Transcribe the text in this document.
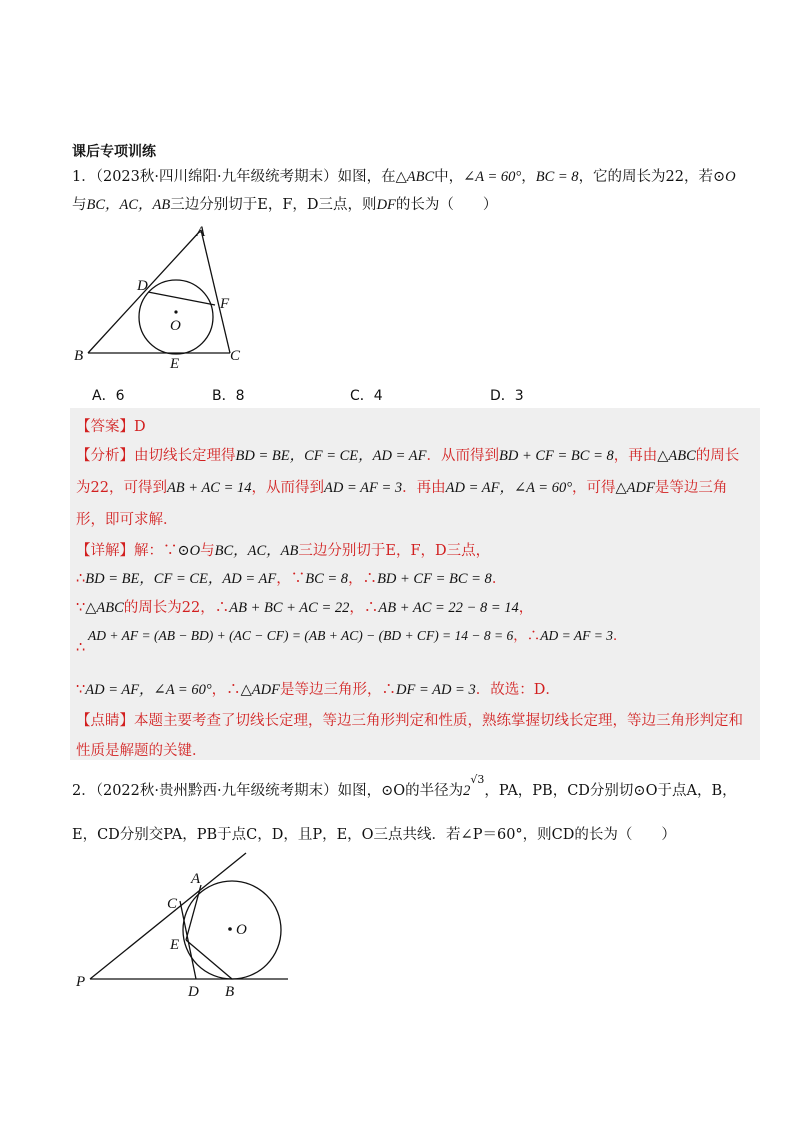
课后专项训练
1．（2023秋·四川绵阳·九年级统考期末）如图，在△ABC中，∠A = 60°，BC = 8，它的周长为22，若⊙O
与BC，AC，AB三边分别切于E，F，D三点，则DF的长为（　　）
A
B	C
D
E
F
O
A．6	B．8	C．4	D．3
【答案】D
【分析】由切线长定理得BD = BE，CF = CE，AD = AF．从而得到BD + CF = BC = 8，再由△ABC的周长
为22，可得到AB + AC = 14，从而得到AD = AF = 3．再由AD = AF，∠A = 60°，可得△ADF是等边三角
形，即可求解．
【详解】解：∵⊙O与BC，AC，AB三边分别切于E，F，D三点，
∴BD = BE，CF = CE，AD = AF，∵BC = 8，∴BD + CF = BC = 8．
∵△ABC的周长为22，∴AB + BC + AC = 22，∴AB + AC = 22 − 8 = 14，
AD + AF = (AB − BD) + (AC − CF) = (AB + AC) − (BD + CF) = 14 − 8 = 6，∴AD = AF = 3．
∴
∵AD = AF，∠A = 60°，∴△ADF是等边三角形，∴DF = AD = 3．故选：D．
【点睛】本题主要考查了切线长定理，等边三角形判定和性质，熟练掌握切线长定理，等边三角形判定和
性质是解题的关键．
2．（2022秋·贵州黔西·九年级统考期末）如图，⊙O的半径为$2^{√3}$，PA，PB，CD分别切⊙O于点A，B，
E，CD分别交PA，PB于点C，D，且P，E，O三点共线．若∠P＝60°，则CD的长为（　　）
A
B
C
D
E
O
P
